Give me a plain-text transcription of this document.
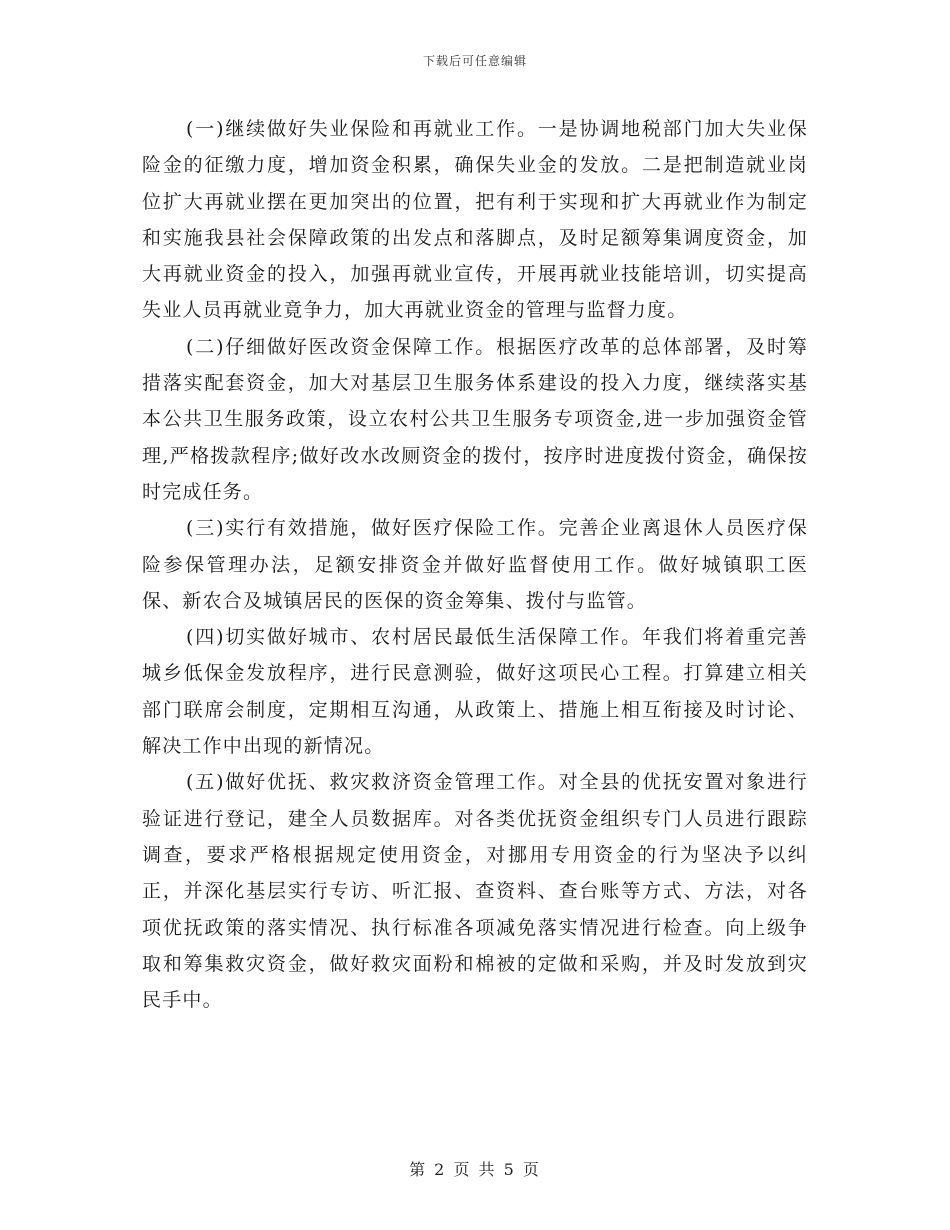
下载后可任意编辑

(一)继续做好失业保险和再就业工作。一是协调地税部门加大失业保险金的征缴力度，增加资金积累，确保失业金的发放。二是把制造就业岗位扩大再就业摆在更加突出的位置，把有利于实现和扩大再就业作为制定和实施我县社会保障政策的出发点和落脚点，及时足额筹集调度资金，加大再就业资金的投入，加强再就业宣传，开展再就业技能培训，切实提高失业人员再就业竟争力，加大再就业资金的管理与监督力度。

(二)仔细做好医改资金保障工作。根据医疗改革的总体部署，及时筹措落实配套资金，加大对基层卫生服务体系建设的投入力度，继续落实基本公共卫生服务政策，设立农村公共卫生服务专项资金,进一步加强资金管理,严格拨款程序;做好改水改厕资金的拨付，按序时进度拨付资金，确保按时完成任务。

(三)实行有效措施，做好医疗保险工作。完善企业离退休人员医疗保险参保管理办法，足额安排资金并做好监督使用工作。做好城镇职工医保、新农合及城镇居民的医保的资金筹集、拨付与监管。

(四)切实做好城市、农村居民最低生活保障工作。年我们将着重完善城乡低保金发放程序，进行民意测验，做好这项民心工程。打算建立相关部门联席会制度，定期相互沟通，从政策上、措施上相互衔接及时讨论、解决工作中出现的新情况。

(五)做好优抚、救灾救济资金管理工作。对全县的优抚安置对象进行验证进行登记，建全人员数据库。对各类优抚资金组织专门人员进行跟踪调查，要求严格根据规定使用资金，对挪用专用资金的行为坚决予以纠正，并深化基层实行专访、听汇报、查资料、查台账等方式、方法，对各项优抚政策的落实情况、执行标准各项减免落实情况进行检查。向上级争取和筹集救灾资金，做好救灾面粉和棉被的定做和采购，并及时发放到灾民手中。

第 2 页 共 5 页
